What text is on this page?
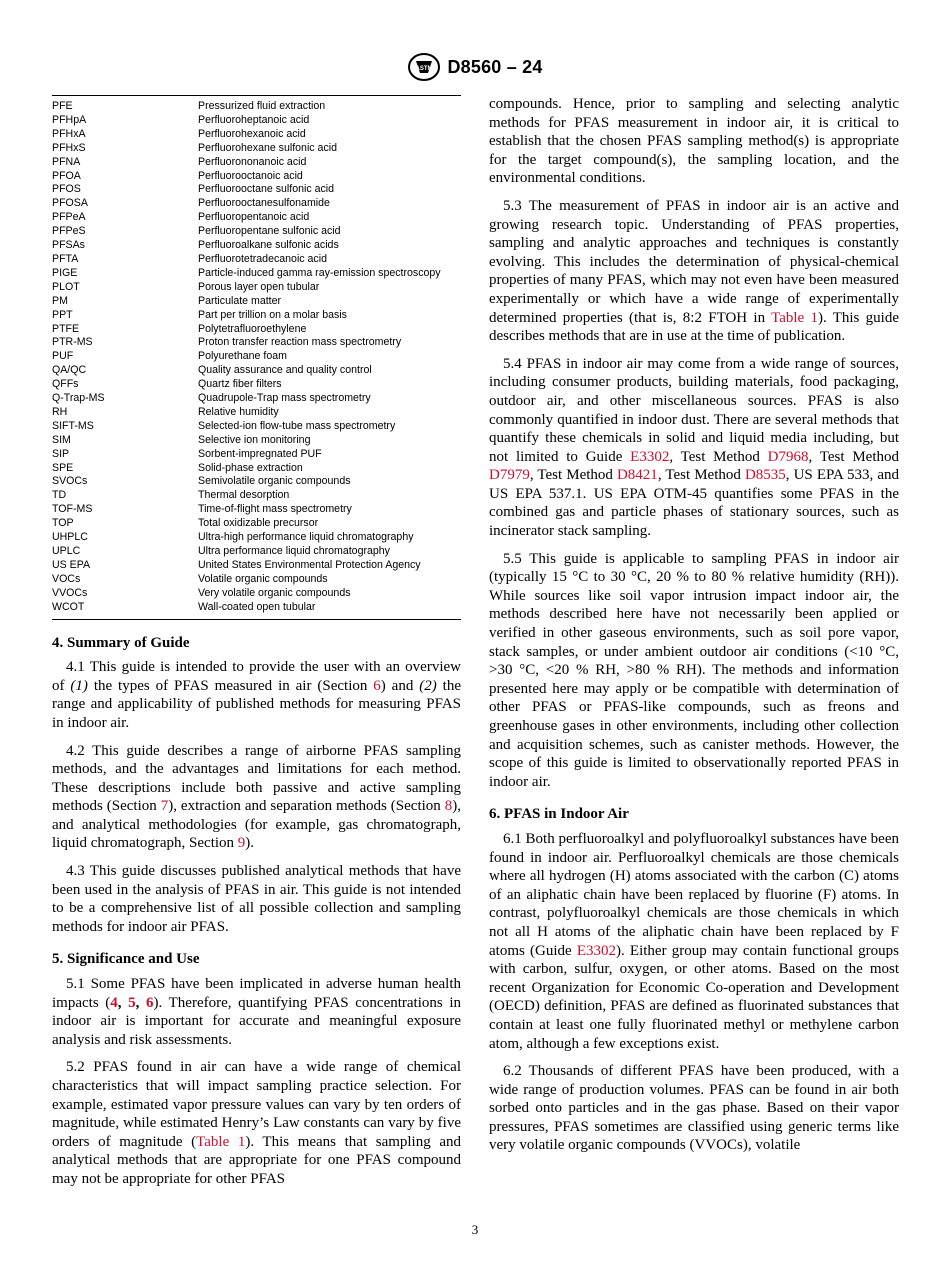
ASTM D8560 – 24
PFE	Pressurized fluid extraction
PFHpA	Perfluoroheptanoic acid
PFHxA	Perfluorohexanoic acid
PFHxS	Perfluorohexane sulfonic acid
PFNA	Perfluorononanoic acid
PFOA	Perfluorooctanoic acid
PFOS	Perfluorooctane sulfonic acid
PFOSA	Perfluorooctanesulfonamide
PFPeA	Perfluoropentanoic acid
PFPeS	Perfluoropentane sulfonic acid
PFSAs	Perfluoroalkane sulfonic acids
PFTA	Perfluorotetradecanoic acid
PIGE	Particle-induced gamma ray-emission spectroscopy
PLOT	Porous layer open tubular
PM	Particulate matter
PPT	Part per trillion on a molar basis
PTFE	Polytetrafluoroethylene
PTR-MS	Proton transfer reaction mass spectrometry
PUF	Polyurethane foam
QA/QC	Quality assurance and quality control
QFFs	Quartz fiber filters
Q-Trap-MS	Quadrupole-Trap mass spectrometry
RH	Relative humidity
SIFT-MS	Selected-ion flow-tube mass spectrometry
SIM	Selective ion monitoring
SIP	Sorbent-impregnated PUF
SPE	Solid-phase extraction
SVOCs	Semivolatile organic compounds
TD	Thermal desorption
TOF-MS	Time-of-flight mass spectrometry
TOP	Total oxidizable precursor
UHPLC	Ultra-high performance liquid chromatography
UPLC	Ultra performance liquid chromatography
US EPA	United States Environmental Protection Agency
VOCs	Volatile organic compounds
VVOCs	Very volatile organic compounds
WCOT	Wall-coated open tubular
4. Summary of Guide

4.1 This guide is intended to provide the user with an overview of (1) the types of PFAS measured in air (Section 6) and (2) the range and applicability of published methods for measuring PFAS in indoor air.

4.2 This guide describes a range of airborne PFAS sampling methods, and the advantages and limitations for each method. These descriptions include both passive and active sampling methods (Section 7), extraction and separation methods (Section 8), and analytical methodologies (for example, gas chromatograph, liquid chromatograph, Section 9).

4.3 This guide discusses published analytical methods that have been used in the analysis of PFAS in air. This guide is not intended to be a comprehensive list of all possible collection and sampling methods for indoor air PFAS.

5. Significance and Use

5.1 Some PFAS have been implicated in adverse human health impacts (4, 5, 6). Therefore, quantifying PFAS concentrations in indoor air is important for accurate and meaningful exposure analysis and risk assessments.

5.2 PFAS found in air can have a wide range of chemical characteristics that will impact sampling practice selection. For example, estimated vapor pressure values can vary by ten orders of magnitude, while estimated Henry’s Law constants can vary by five orders of magnitude (Table 1). This means that sampling and analytical methods that are appropriate for one PFAS compound may not be appropriate for other PFAS

compounds. Hence, prior to sampling and selecting analytic methods for PFAS measurement in indoor air, it is critical to establish that the chosen PFAS sampling method(s) is appropriate for the target compound(s), the sampling location, and the environmental conditions.

5.3 The measurement of PFAS in indoor air is an active and growing research topic. Understanding of PFAS properties, sampling and analytic approaches and techniques is constantly evolving. This includes the determination of physical-chemical properties of many PFAS, which may not even have been measured experimentally or which have a wide range of experimentally determined properties (that is, 8:2 FTOH in Table 1). This guide describes methods that are in use at the time of publication.

5.4 PFAS in indoor air may come from a wide range of sources, including consumer products, building materials, food packaging, outdoor air, and other miscellaneous sources. PFAS is also commonly quantified in indoor dust. There are several methods that quantify these chemicals in solid and liquid media including, but not limited to Guide E3302, Test Method D7968, Test Method D7979, Test Method D8421, Test Method D8535, US EPA 533, and US EPA 537.1. US EPA OTM-45 quantifies some PFAS in the combined gas and particle phases of stationary sources, such as incinerator stack sampling.

5.5 This guide is applicable to sampling PFAS in indoor air (typically 15 °C to 30 °C, 20 % to 80 % relative humidity (RH)). While sources like soil vapor intrusion impact indoor air, the methods described here have not necessarily been applied or verified in other gaseous environments, such as soil pore vapor, stack samples, or under ambient outdoor air conditions (<10 °C, >30 °C, <20 % RH, >80 % RH). The methods and information presented here may apply or be compatible with determination of other PFAS or PFAS-like compounds, such as freons and greenhouse gases in other environments, including other collection and acquisition schemes, such as canister methods. However, the scope of this guide is limited to observationally reported PFAS in indoor air.

6. PFAS in Indoor Air

6.1 Both perfluoroalkyl and polyfluoroalkyl substances have been found in indoor air. Perfluoroalkyl chemicals are those chemicals where all hydrogen (H) atoms associated with the carbon (C) atoms of an aliphatic chain have been replaced by fluorine (F) atoms. In contrast, polyfluoroalkyl chemicals are those chemicals in which not all H atoms of the aliphatic chain have been replaced by F atoms (Guide E3302). Either group may contain functional groups with carbon, sulfur, oxygen, or other atoms. Based on the most recent Organization for Economic Co-operation and Development (OECD) definition, PFAS are defined as fluorinated substances that contain at least one fully fluorinated methyl or methylene carbon atom, although a few exceptions exist.

6.2 Thousands of different PFAS have been produced, with a wide range of production volumes. PFAS can be found in air both sorbed onto particles and in the gas phase. Based on their vapor pressures, PFAS sometimes are classified using generic terms like very volatile organic compounds (VVOCs), volatile

3
